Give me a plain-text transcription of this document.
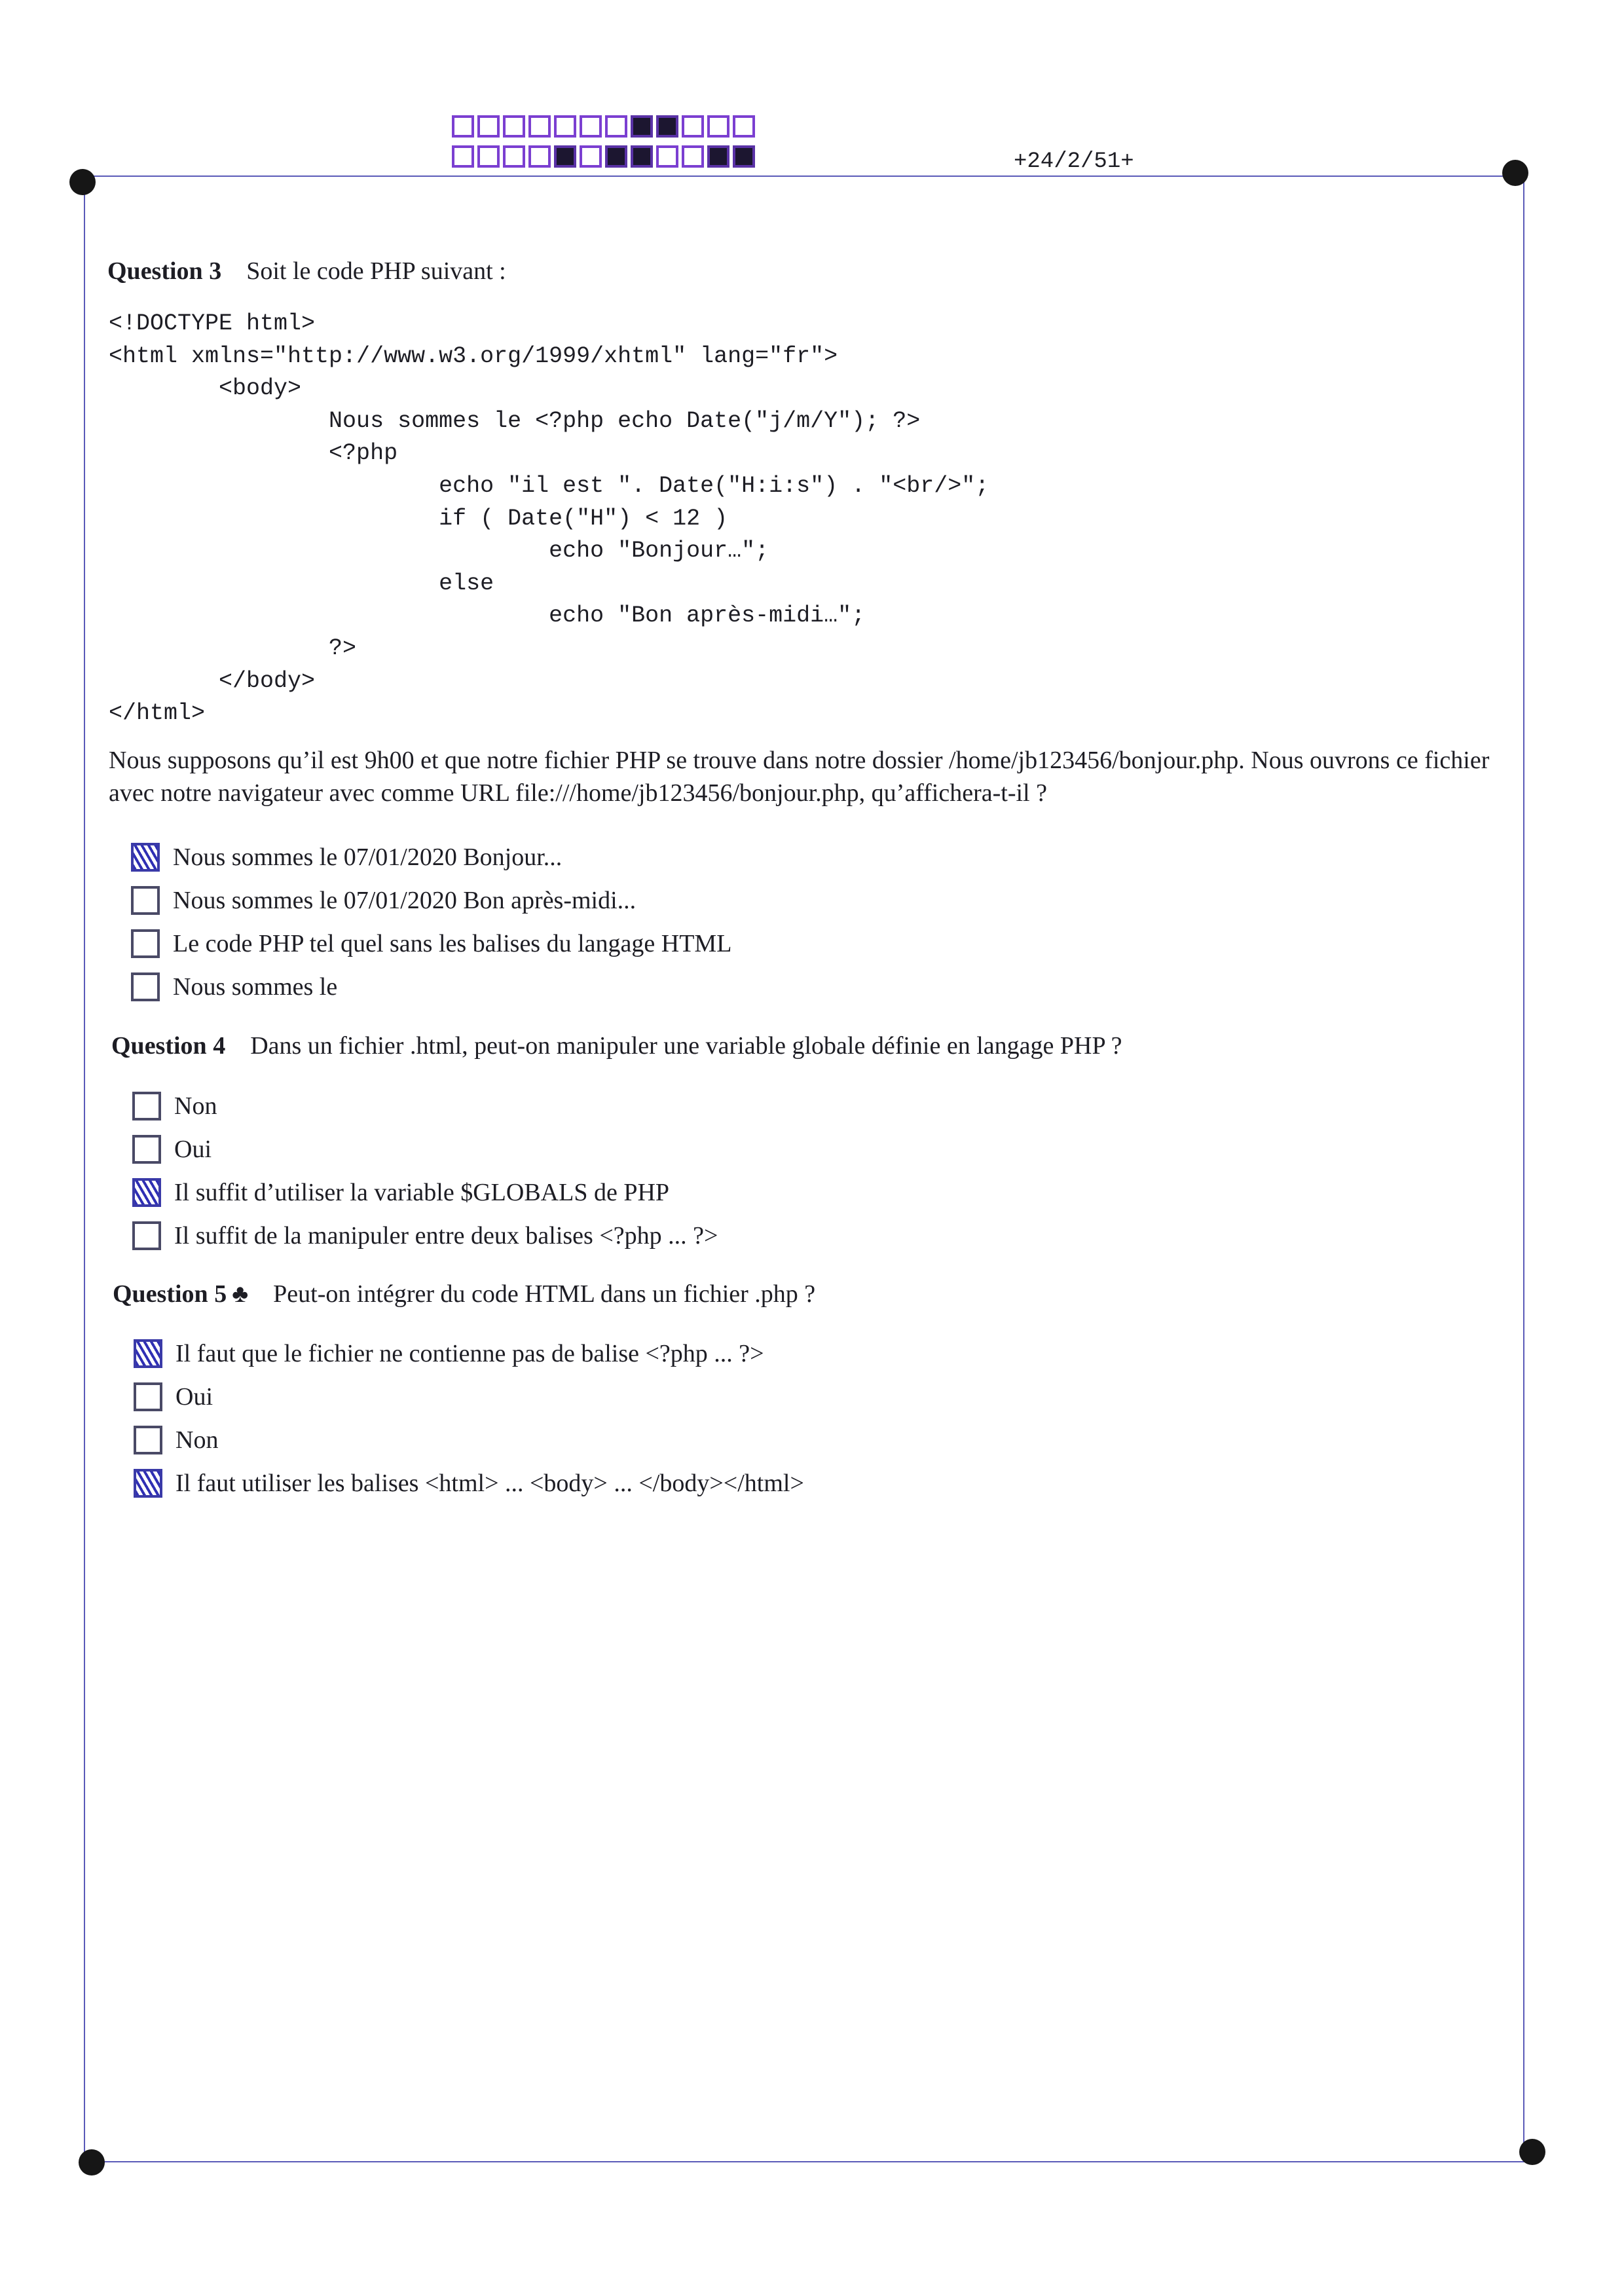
+24/2/51+
Question 3 Soit le code PHP suivant :
<!DOCTYPE html>
<html xmlns="http://www.w3.org/1999/xhtml" lang="fr">
<body>
Nous sommes le <?php echo Date("j/m/Y"); ?>
<?php
echo "il est ". Date("H:i:s") . "<br/>";
if ( Date("H") < 12 )
echo "Bonjour…";
else
echo "Bon après-midi…";
?>
</body>
</html>
Nous supposons qu’il est 9h00 et que notre fichier PHP se trouve dans notre dossier /home/jb123456/bonjour.php. Nous ouvrons ce fichier avec notre navigateur avec comme URL file:///home/jb123456/bonjour.php, qu’affichera-t-il ?
Nous sommes le 07/01/2020 Bonjour...
Nous sommes le 07/01/2020 Bon après-midi...
Le code PHP tel quel sans les balises du langage HTML
Nous sommes le
Question 4 Dans un fichier .html, peut-on manipuler une variable globale définie en langage PHP ?
Non
Oui
Il suffit d’utiliser la variable $GLOBALS de PHP
Il suffit de la manipuler entre deux balises <?php ... ?>
Question 5 ♣ Peut-on intégrer du code HTML dans un fichier .php ?
Il faut que le fichier ne contienne pas de balise <?php ... ?>
Oui
Non
Il faut utiliser les balises <html> ... <body> ... </body></html>
